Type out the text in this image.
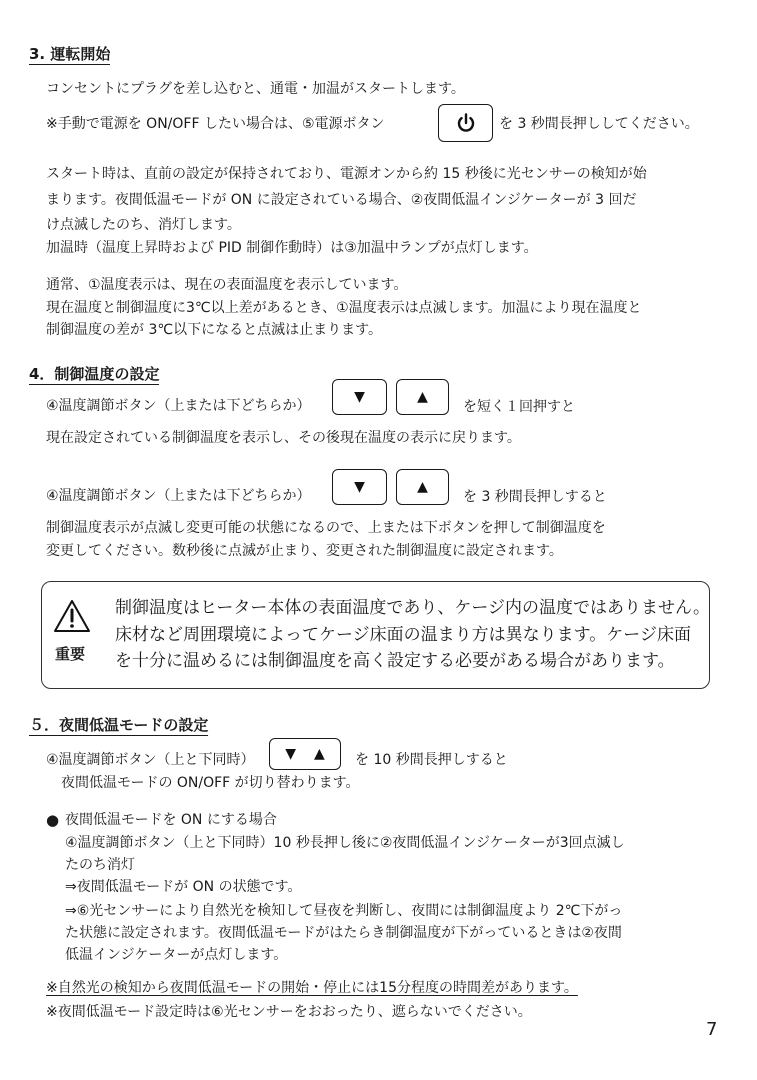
3. 運転開始
コンセントにプラグを差し込むと、通電・加温がスタートします。
※手動で電源を ON/OFF したい場合は、⑤電源ボタン	を 3 秒間長押ししてください。
スタート時は、直前の設定が保持されており、電源オンから約 15 秒後に光センサーの検知が始
まります。夜間低温モードが ON に設定されている場合、②夜間低温インジケーターが 3 回だ
け点滅したのち、消灯します。
加温時（温度上昇時および PID 制御作動時）は③加温中ランプが点灯します。
通常、①温度表示は、現在の表面温度を表示しています。
現在温度と制御温度に3℃以上差があるとき、①温度表示は点滅します。加温により現在温度と
制御温度の差が 3℃以下になると点滅は止まります。
4．制御温度の設定
④温度調節ボタン（上または下どちらか）
▼	▲
を短く１回押すと
現在設定されている制御温度を表示し、その後現在温度の表示に戻ります。
④温度調節ボタン（上または下どちらか）
▼	▲
を 3 秒間長押しすると
制御温度表示が点滅し変更可能の状態になるので、上または下ボタンを押して制御温度を
変更してください。数秒後に点滅が止まり、変更された制御温度に設定されます。
重要
制御温度はヒーター本体の表面温度であり、ケージ内の温度ではありません。
床材など周囲環境によってケージ床面の温まり方は異なります。ケージ床面
を十分に温めるには制御温度を高く設定する必要がある場合があります。
５．夜間低温モードの設定
④温度調節ボタン（上と下同時） ▼ ▲ を 10 秒間長押しすると
夜間低温モードの ON/OFF が切り替わります。
● 夜間低温モードを ON にする場合
④温度調節ボタン（上と下同時）10 秒長押し後に②夜間低温インジケーターが3回点滅し
たのち消灯
⇒夜間低温モードが ON の状態です。
⇒⑥光センサーにより自然光を検知して昼夜を判断し、夜間には制御温度より 2℃下がっ
た状態に設定されます。夜間低温モードがはたらき制御温度が下がっているときは②夜間
低温インジケーターが点灯します。
※自然光の検知から夜間低温モードの開始・停止には15分程度の時間差があります。
※夜間低温モード設定時は⑥光センサーをおおったり、遮らないでください。
7
